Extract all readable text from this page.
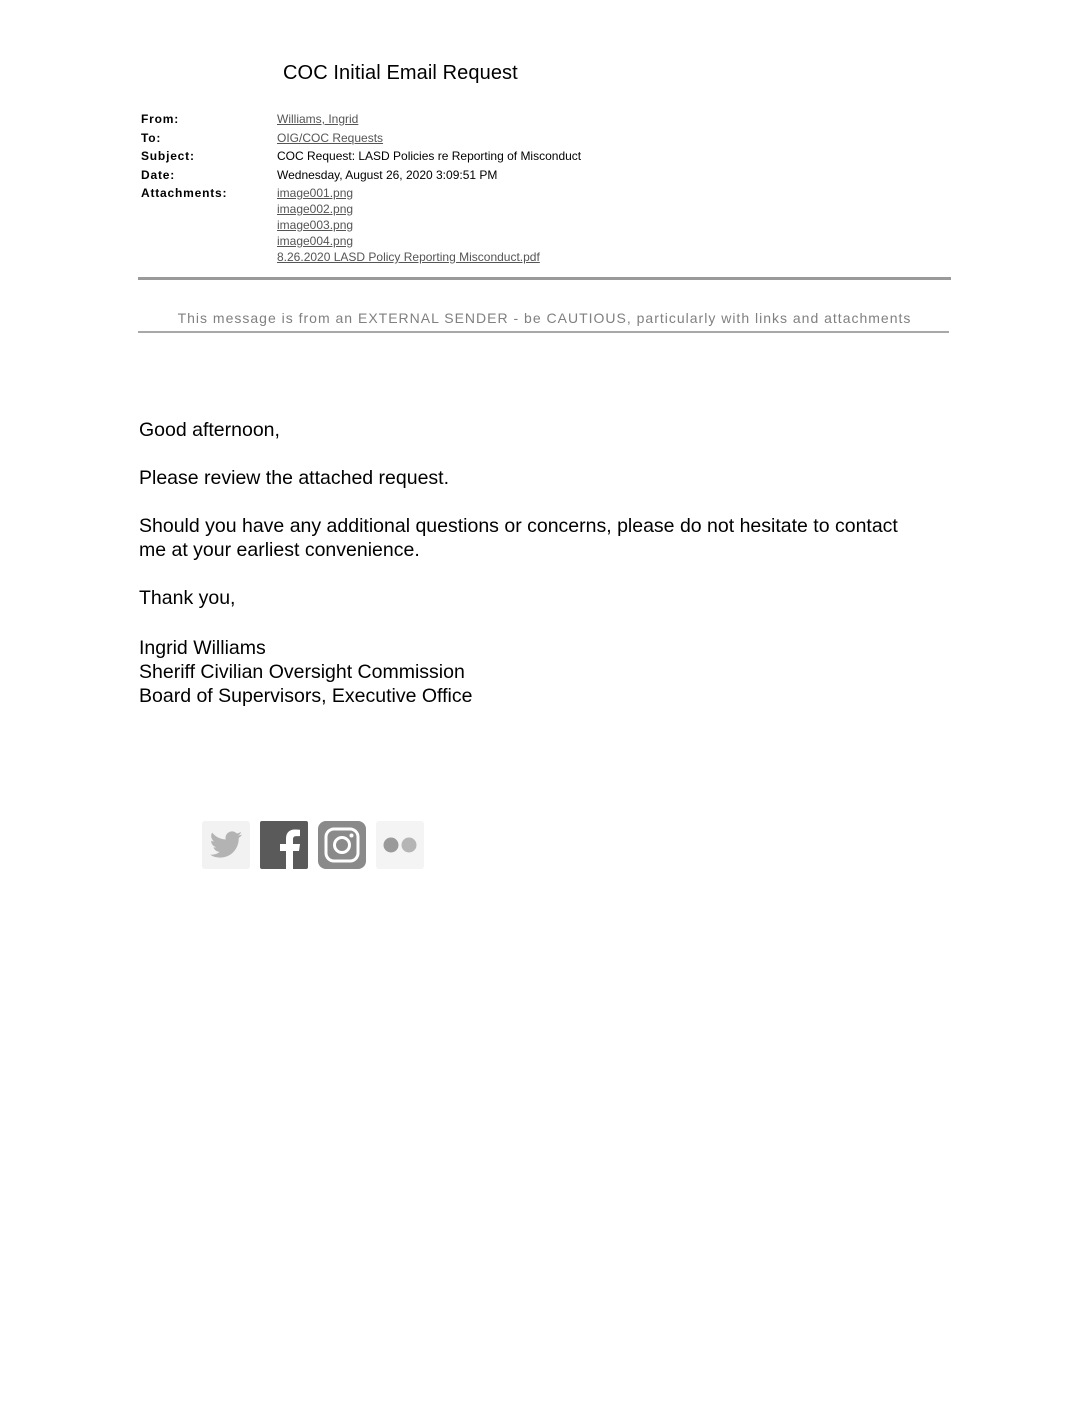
COC Initial Email Request
From:	Williams, Ingrid
To:	OIG/COC Requests
Subject:	COC Request: LASD Policies re Reporting of Misconduct
Date:	Wednesday, August 26, 2020 3:09:51 PM
Attachments:	image001.png
image002.png
image003.png
image004.png
8.26.2020 LASD Policy Reporting Misconduct.pdf
This message is from an EXTERNAL SENDER - be CAUTIOUS, particularly with links and attachments
Good afternoon,
Please review the attached request.
Should you have any additional questions or concerns, please do not hesitate to contact
me at your earliest convenience.
Thank you,
Ingrid Williams
Sheriff Civilian Oversight Commission
Board of Supervisors, Executive Office
